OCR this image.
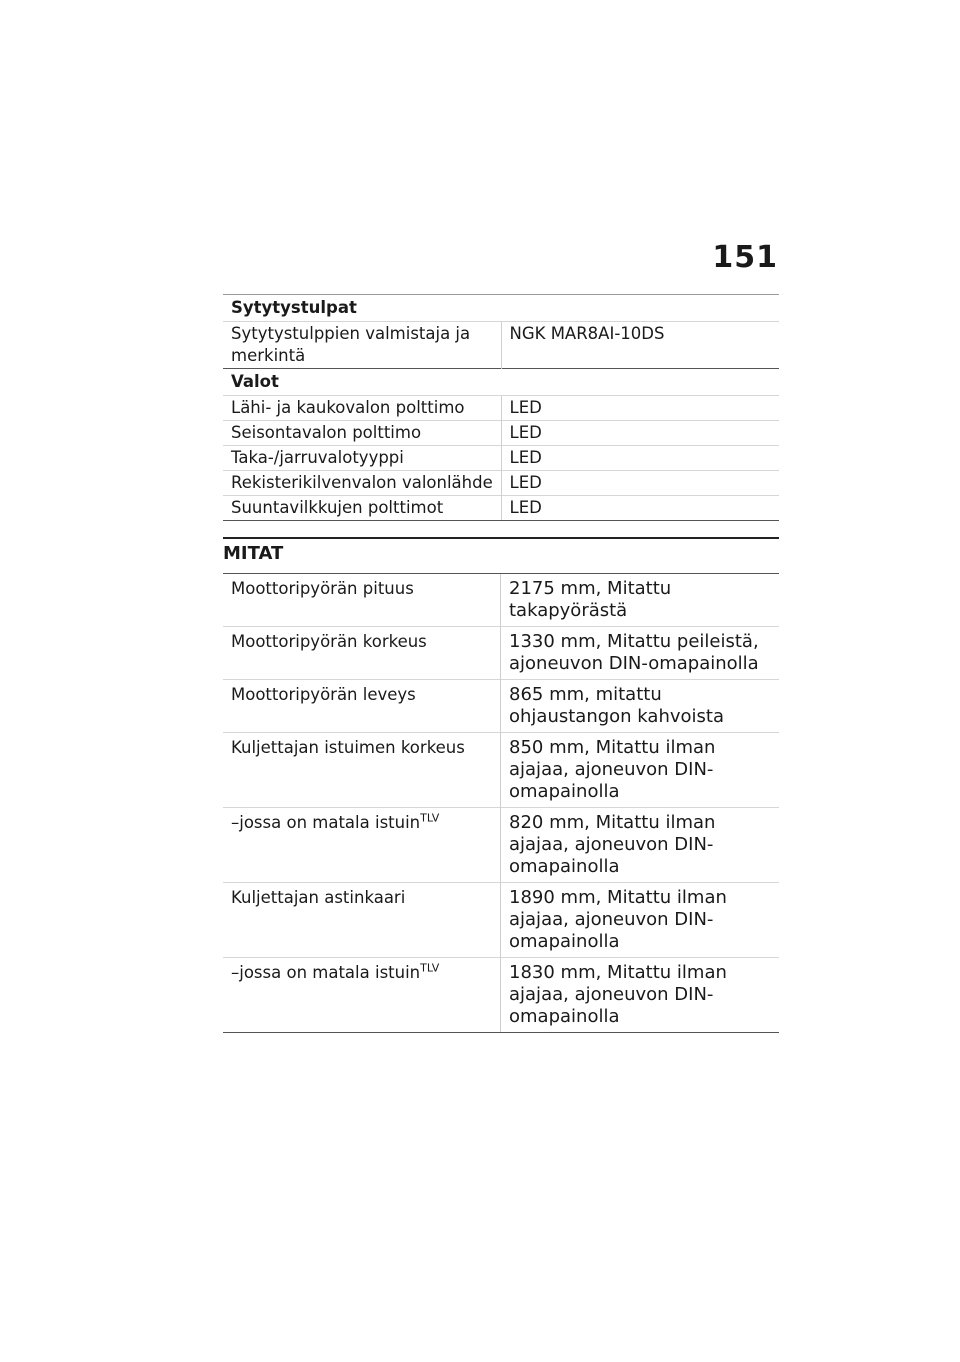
151
Sytytystulpat	
Sytytystulppien valmistaja ja merkintä	NGK MAR8AI-10DS
Valot	
Lähi- ja kaukovalon polttimo	LED
Seisontavalon polttimo	LED
Taka-/jarruvalotyyppi	LED
Rekisterikilvenvalon valonlähde	LED
Suuntavilkkujen polttimot	LED
MITAT
Moottoripyörän pituus	2175 mm, Mitattu takapyörästä
Moottoripyörän korkeus	1330 mm, Mitattu peileistä, ajoneuvon DIN-omapainolla
Moottoripyörän leveys	865 mm, mitattu ohjaustangon kahvoista
Kuljettajan istuimen korkeus	850 mm, Mitattu ilman ajajaa, ajoneuvon DIN-omapainolla
–jossa on matala istuin$^{TLV}$	820 mm, Mitattu ilman ajajaa, ajoneuvon DIN-omapainolla
Kuljettajan astinkaari	1890 mm, Mitattu ilman ajajaa, ajoneuvon DIN-omapainolla
–jossa on matala istuin$^{TLV}$	1830 mm, Mitattu ilman ajajaa, ajoneuvon DIN-omapainolla
